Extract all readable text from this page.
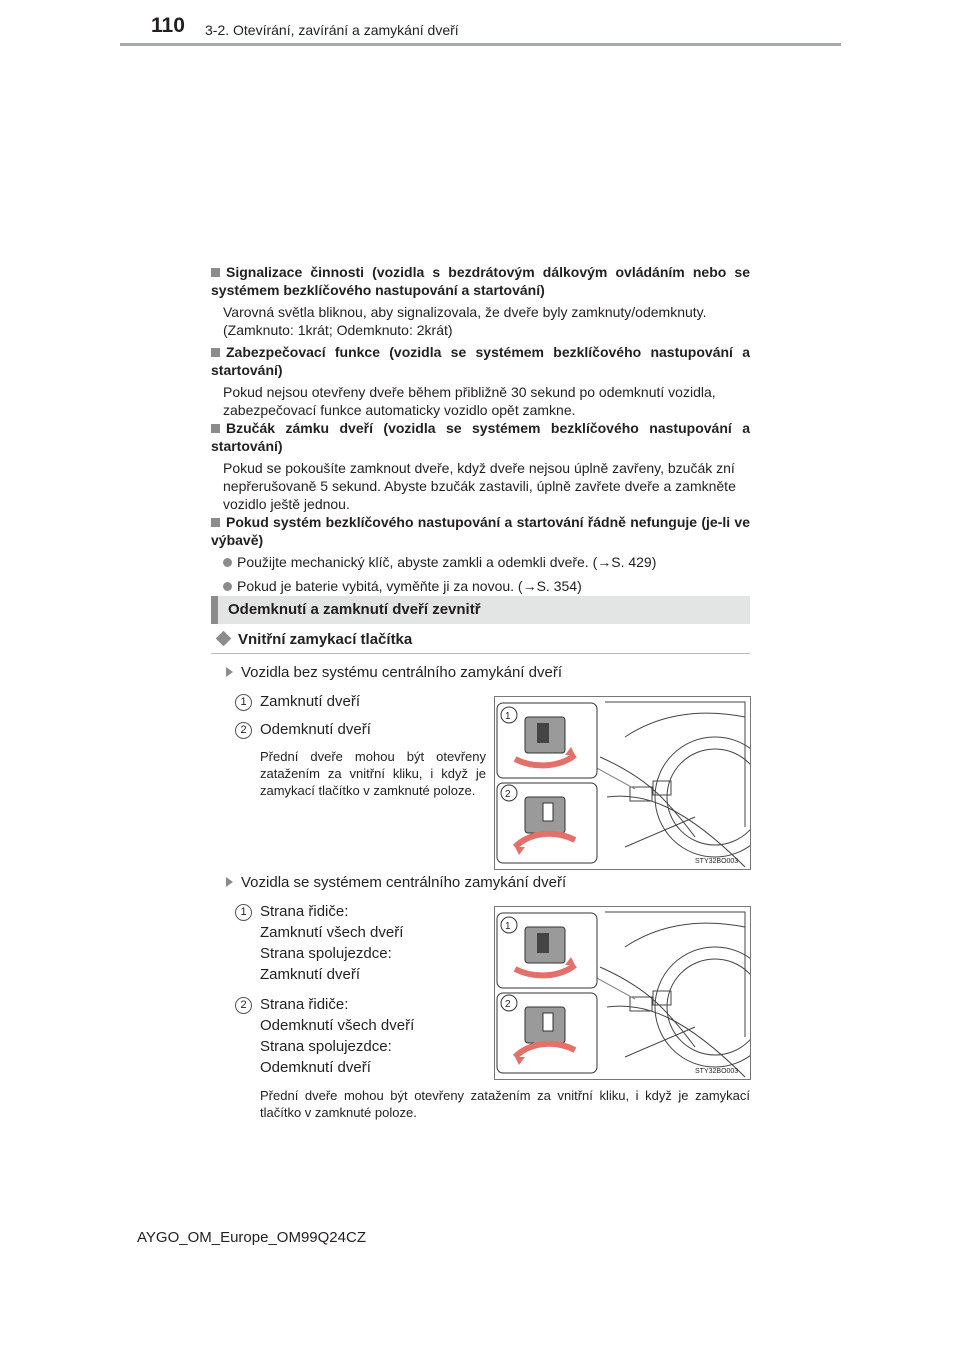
110 3-2. Otevírání, zavírání a zamykání dveří
Signalizace činnosti (vozidla s bezdrátovým dálkovým ovládáním nebo se systémem bezklíčového nastupování a startování)
Varovná světla bliknou, aby signalizovala, že dveře byly zamknuty/odemknuty. (Zamknuto: 1krát; Odemknuto: 2krát)
Zabezpečovací funkce (vozidla se systémem bezklíčového nastupování a startování)
Pokud nejsou otevřeny dveře během přibližně 30 sekund po odemknutí vozidla, zabezpečovací funkce automaticky vozidlo opět zamkne.
Bzučák zámku dveří (vozidla se systémem bezklíčového nastupování a startování)
Pokud se pokoušíte zamknout dveře, když dveře nejsou úplně zavřeny, bzučák zní nepřerušovaně 5 sekund. Abyste bzučák zastavili, úplně zavřete dveře a zamkněte vozidlo ještě jednou.
Pokud systém bezklíčového nastupování a startování řádně nefunguje (je-li ve výbavě)
Použijte mechanický klíč, abyste zamkli a odemkli dveře. (→S. 429)
Pokud je baterie vybitá, vyměňte ji za novou. (→S. 354)
Odemknutí a zamknutí dveří zevnitř
Vnitřní zamykací tlačítka
Vozidla bez systému centrálního zamykání dveří
1 Zamknutí dveří
2 Odemknutí dveří
Přední dveře mohou být otevřeny zatažením za vnitřní kliku, i když je zamykací tlačítko v zamknuté poloze.
1
2
STY32BO003
Vozidla se systémem centrálního zamykání dveří
1 Strana řidiče:
Zamknutí všech dveří
Strana spolujezdce:
Zamknutí dveří
2 Strana řidiče:
Odemknutí všech dveří
Strana spolujezdce:
Odemknutí dveří
1
2
STY32BO003
Přední dveře mohou být otevřeny zatažením za vnitřní kliku, i když je zamykací tlačítko v zamknuté poloze.
AYGO_OM_Europe_OM99Q24CZ
